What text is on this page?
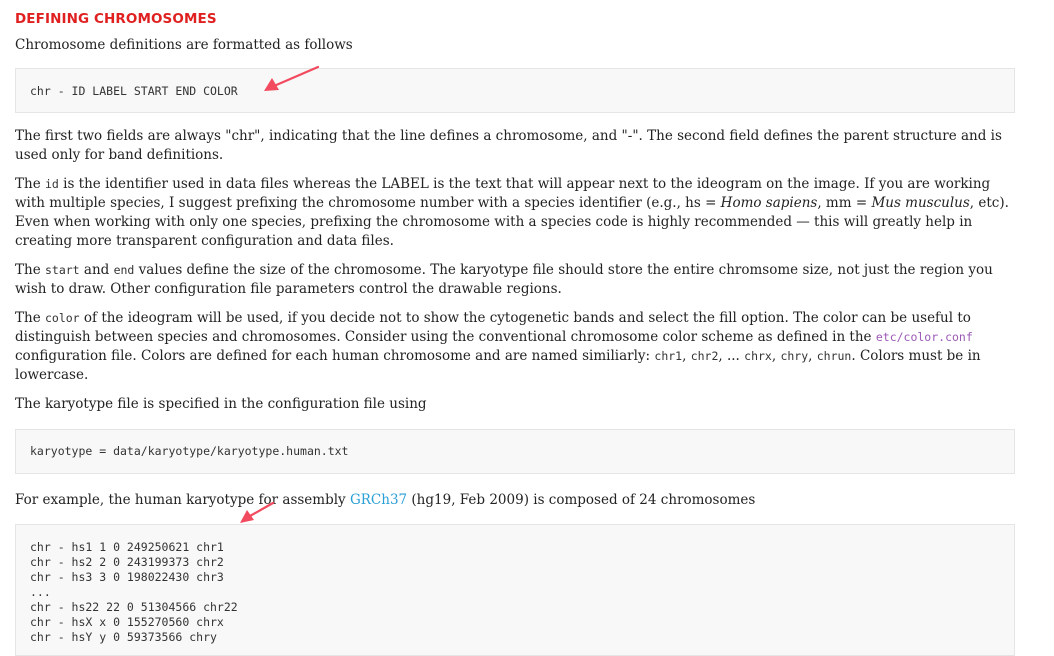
DEFINING CHROMOSOMES

Chromosome definitions are formatted as follows

chr - ID LABEL START END COLOR

The first two fields are always "chr", indicating that the line defines a chromosome, and "-". The second field defines the parent structure and is used only for band definitions.

The id is the identifier used in data files whereas the LABEL is the text that will appear next to the ideogram on the image. If you are working with multiple species, I suggest prefixing the chromosome number with a species identifier (e.g., hs = Homo sapiens, mm = Mus musculus, etc). Even when working with only one species, prefixing the chromosome with a species code is highly recommended — this will greatly help in creating more transparent configuration and data files.

The start and end values define the size of the chromosome. The karyotype file should store the entire chromsome size, not just the region you wish to draw. Other configuration file parameters control the drawable regions.

The color of the ideogram will be used, if you decide not to show the cytogenetic bands and select the fill option. The color can be useful to distinguish between species and chromosomes. Consider using the conventional chromosome color scheme as defined in the etc/color.conf configuration file. Colors are defined for each human chromosome and are named similiarly: chr1, chr2, ... chrx, chry, chrun. Colors must be in lowercase.

The karyotype file is specified in the configuration file using

karyotype = data/karyotype/karyotype.human.txt

For example, the human karyotype for assembly GRCh37 (hg19, Feb 2009) is composed of 24 chromosomes

chr - hs1 1 0 249250621 chr1
chr - hs2 2 0 243199373 chr2
chr - hs3 3 0 198022430 chr3
...
chr - hs22 22 0 51304566 chr22
chr - hsX x 0 155270560 chrx
chr - hsY y 0 59373566 chry
